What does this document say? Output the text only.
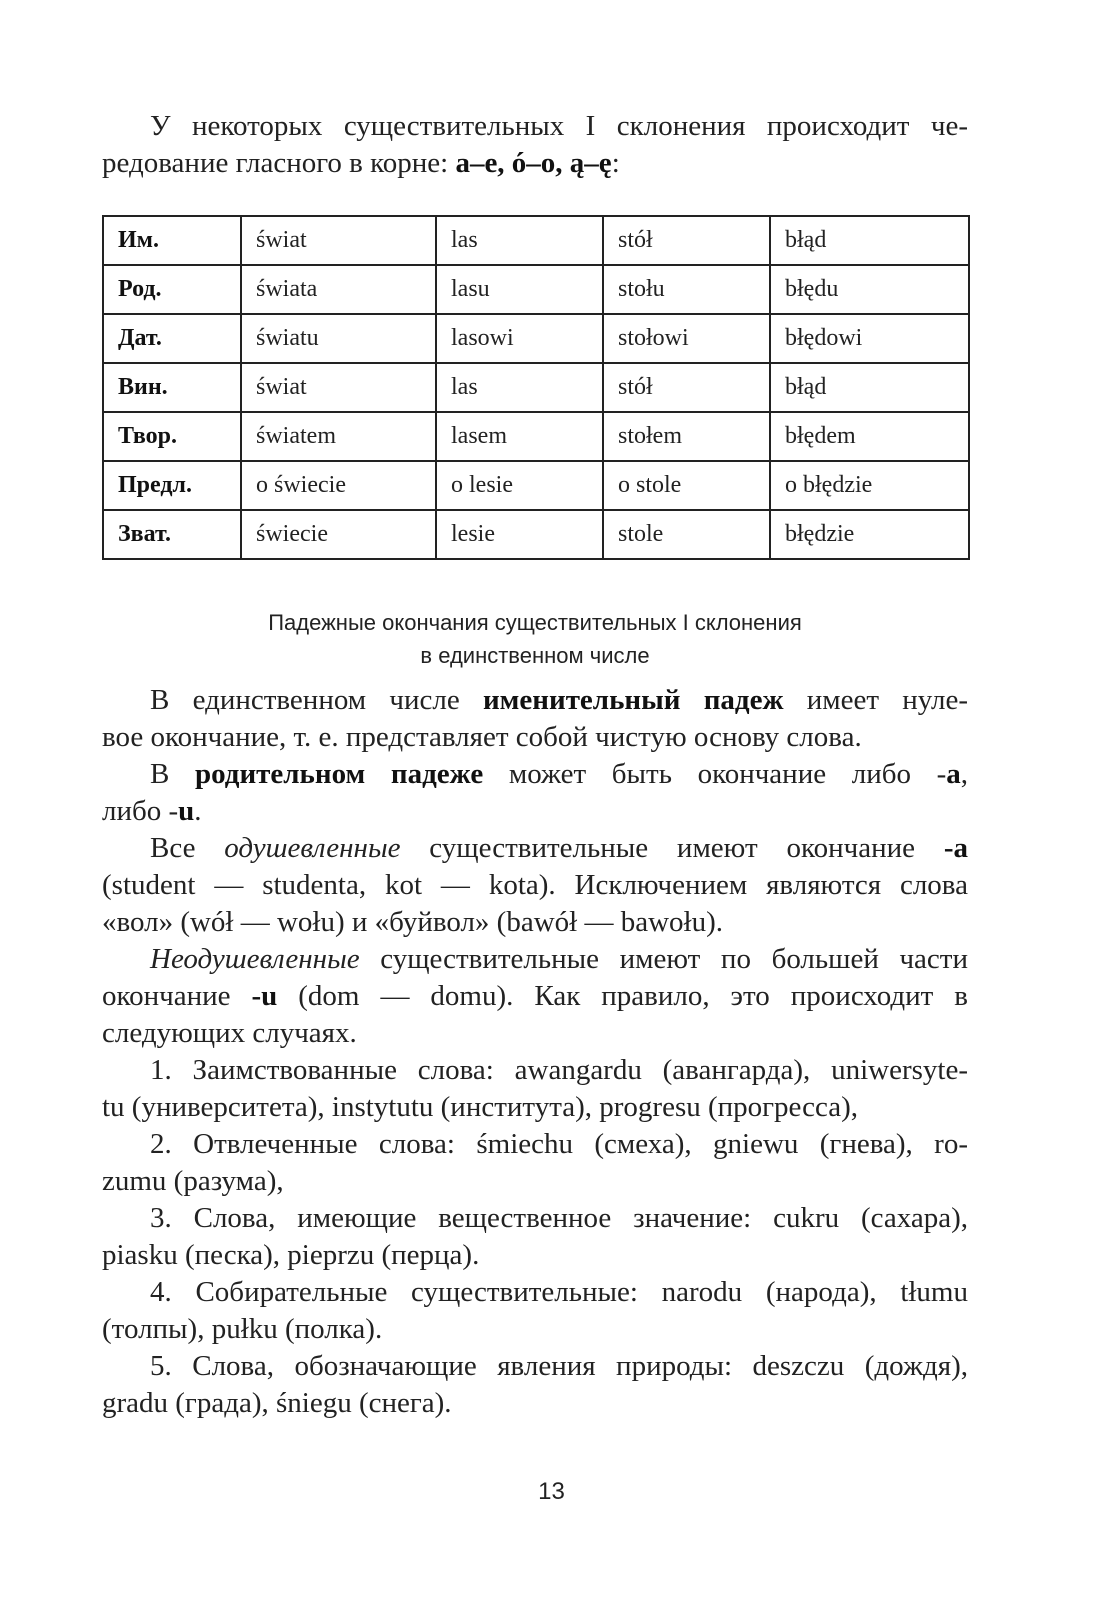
У некоторых существительных I склонения происходит че-

редование гласного в корне: а–e, ó–o, ą–ę:

Им.	świat	las	stół	błąd
Род.	świata	lasu	stołu	błędu
Дат.	światu	lasowi	stołowi	błędowi
Вин.	świat	las	stół	błąd
Твор.	światem	lasem	stołem	błędem
Предл.	o świecie	o lesie	o stole	o błędzie
Зват.	świecie	lesie	stole	błędzie
Падежные окончания существительных I склонения
в единственном числе

В единственном числе именительный падеж имеет нуле-

вое окончание, т. е. представляет собой чистую основу слова.

В родительном падеже может быть окончание либо -a,

либо -u.

Все одушевленные существительные имеют окончание -a

(student — studenta, kot — kota). Исключением являются слова

«вол» (wół — wołu) и «буйвол» (bawół — bawołu).

Неодушевленные существительные имеют по большей части

окончание -u (dom — domu). Как правило, это происходит в

следующих случаях.

1. Заимствованные слова: awangardu (авангарда), uniwersyte-

tu (университета), instytutu (института), progresu (прогресса),

2. Отвлеченные слова: śmiechu (смеха), gniewu (гнева), ro-

zumu (разума),

3. Слова, имеющие вещественное значение: cukru (сахара),

piasku (песка), pieprzu (перца).

4. Собирательные существительные: narodu (народа), tłumu

(толпы), pułku (полка).

5. Слова, обозначающие явления природы: deszczu (дождя),

gradu (града), śniegu (снега).

13
